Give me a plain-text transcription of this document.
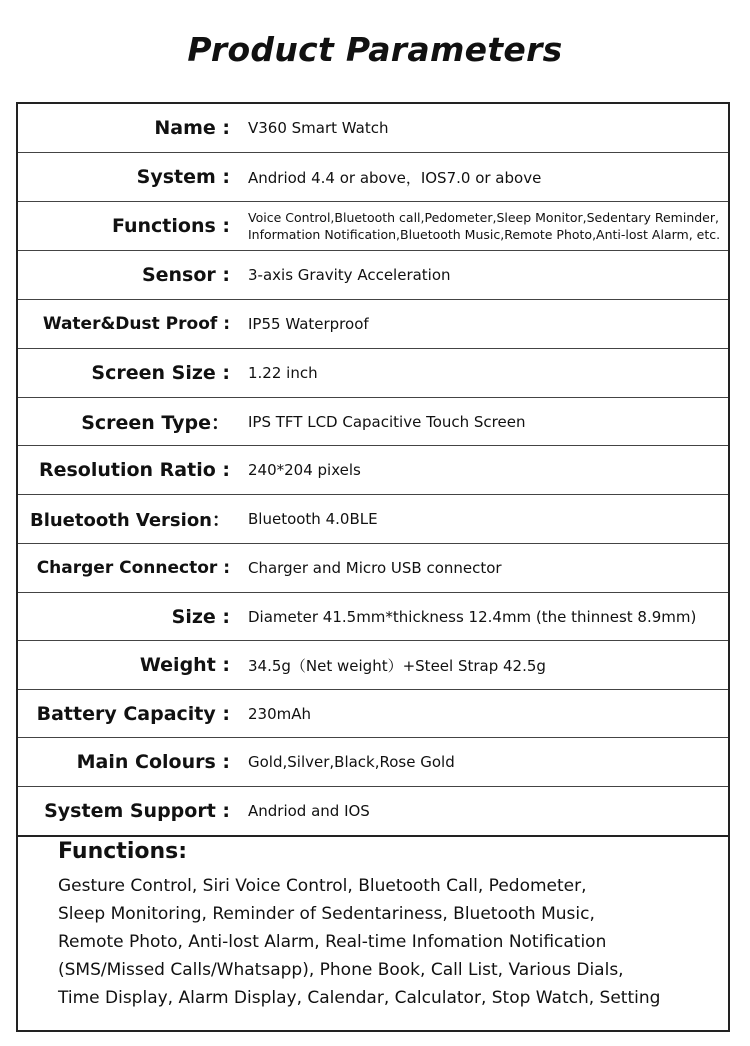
Product Parameters
Name :	V360 Smart Watch
System :	Andriod 4.4 or above，IOS7.0 or above
Functions :	Voice Control,Bluetooth call,Pedometer,Sleep Monitor,Sedentary Reminder, Information Notification,Bluetooth Music,Remote Photo,Anti-lost Alarm, etc.
Sensor :	3-axis Gravity Acceleration
Water&Dust Proof :	IP55 Waterproof
Screen Size :	1.22 inch
Screen Type：	IPS TFT LCD Capacitive Touch Screen
Resolution Ratio :	240*204 pixels
Bluetooth Version：	Bluetooth 4.0BLE
Charger Connector :	Charger and Micro USB connector
Size :	Diameter 41.5mm*thickness 12.4mm (the thinnest 8.9mm)
Weight :	34.5g（Net weight）+Steel Strap 42.5g
Battery Capacity :	230mAh
Main Colours :	Gold,Silver,Black,Rose Gold
System Support :	Andriod and IOS
Functions:
Gesture Control, Siri Voice Control, Bluetooth Call, Pedometer,
Sleep Monitoring, Reminder of Sedentariness, Bluetooth Music,
Remote Photo, Anti-lost Alarm, Real-time Infomation Notification
(SMS/Missed Calls/Whatsapp), Phone Book, Call List, Various Dials,
Time Display, Alarm Display, Calendar, Calculator, Stop Watch, Setting
